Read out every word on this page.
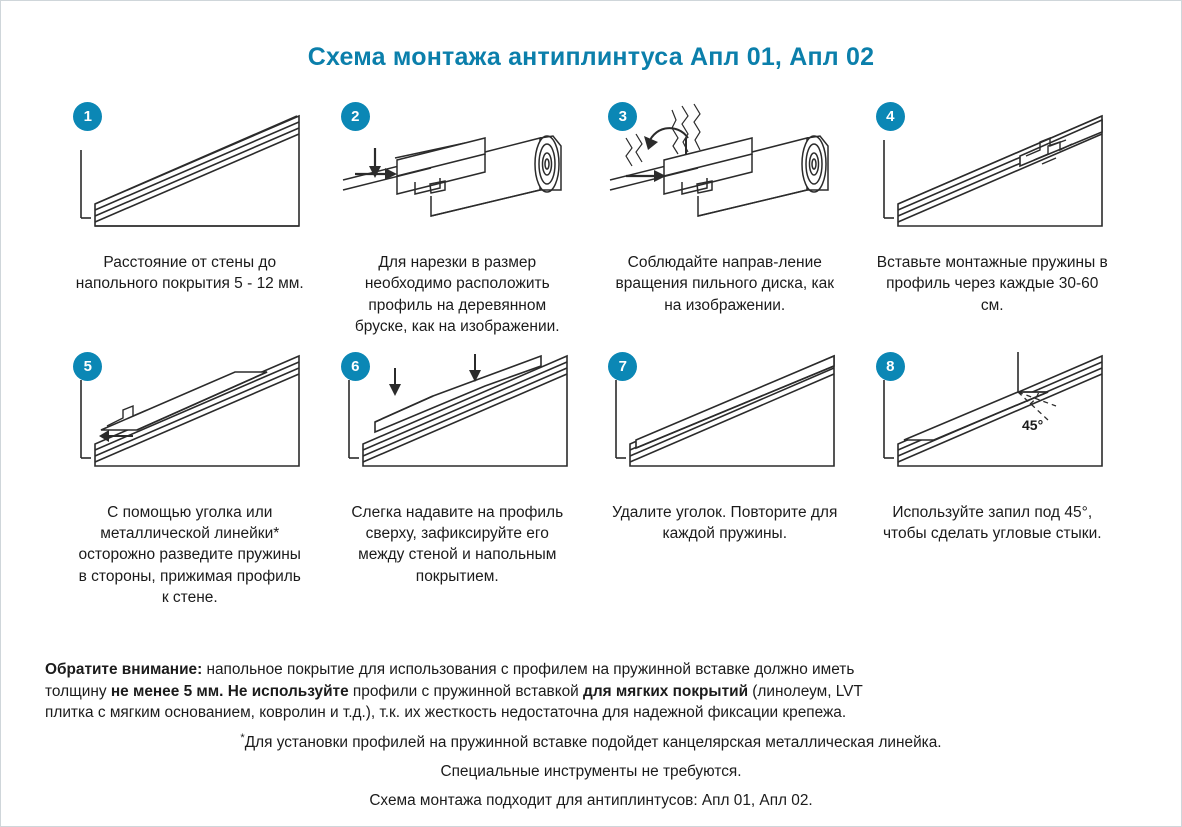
Схема монтажа антиплинтуса Апл 01, Апл 02
1
Расстояние от стены до напольного покрытия 5 - 12 мм.
2
Для нарезки в размер необходимо расположить профиль на деревянном бруске, как на изображении.
3
Соблюдайте направ-ление вращения пильного диска, как на изображении.
4
Вставьте монтажные пружины в профиль через каждые 30-60 см.
5
С помощью уголка или металлической линейки* осторожно разведите пружины в стороны, прижимая профиль к стене.
6
Слегка надавите на профиль сверху, зафиксируйте его между стеной и напольным покрытием.
7
Удалите уголок. Повторите для каждой пружины.
8
45°
Используйте запил под 45°, чтобы сделать угловые стыки.
Обратите внимание: напольное покрытие для использования с профилем на пружинной вставке должно иметь
толщину не менее 5 мм. Не используйте профили с пружинной вставкой для мягких покрытий (линолеум, LVT
плитка с мягким основанием, ковролин и т.д.), т.к. их жесткость недостаточна для надежной фиксации крепежа.
*Для установки профилей на пружинной вставке подойдет канцелярская металлическая линейка.
Специальные инструменты не требуются.
Схема монтажа подходит для антиплинтусов: Апл 01, Апл 02.
